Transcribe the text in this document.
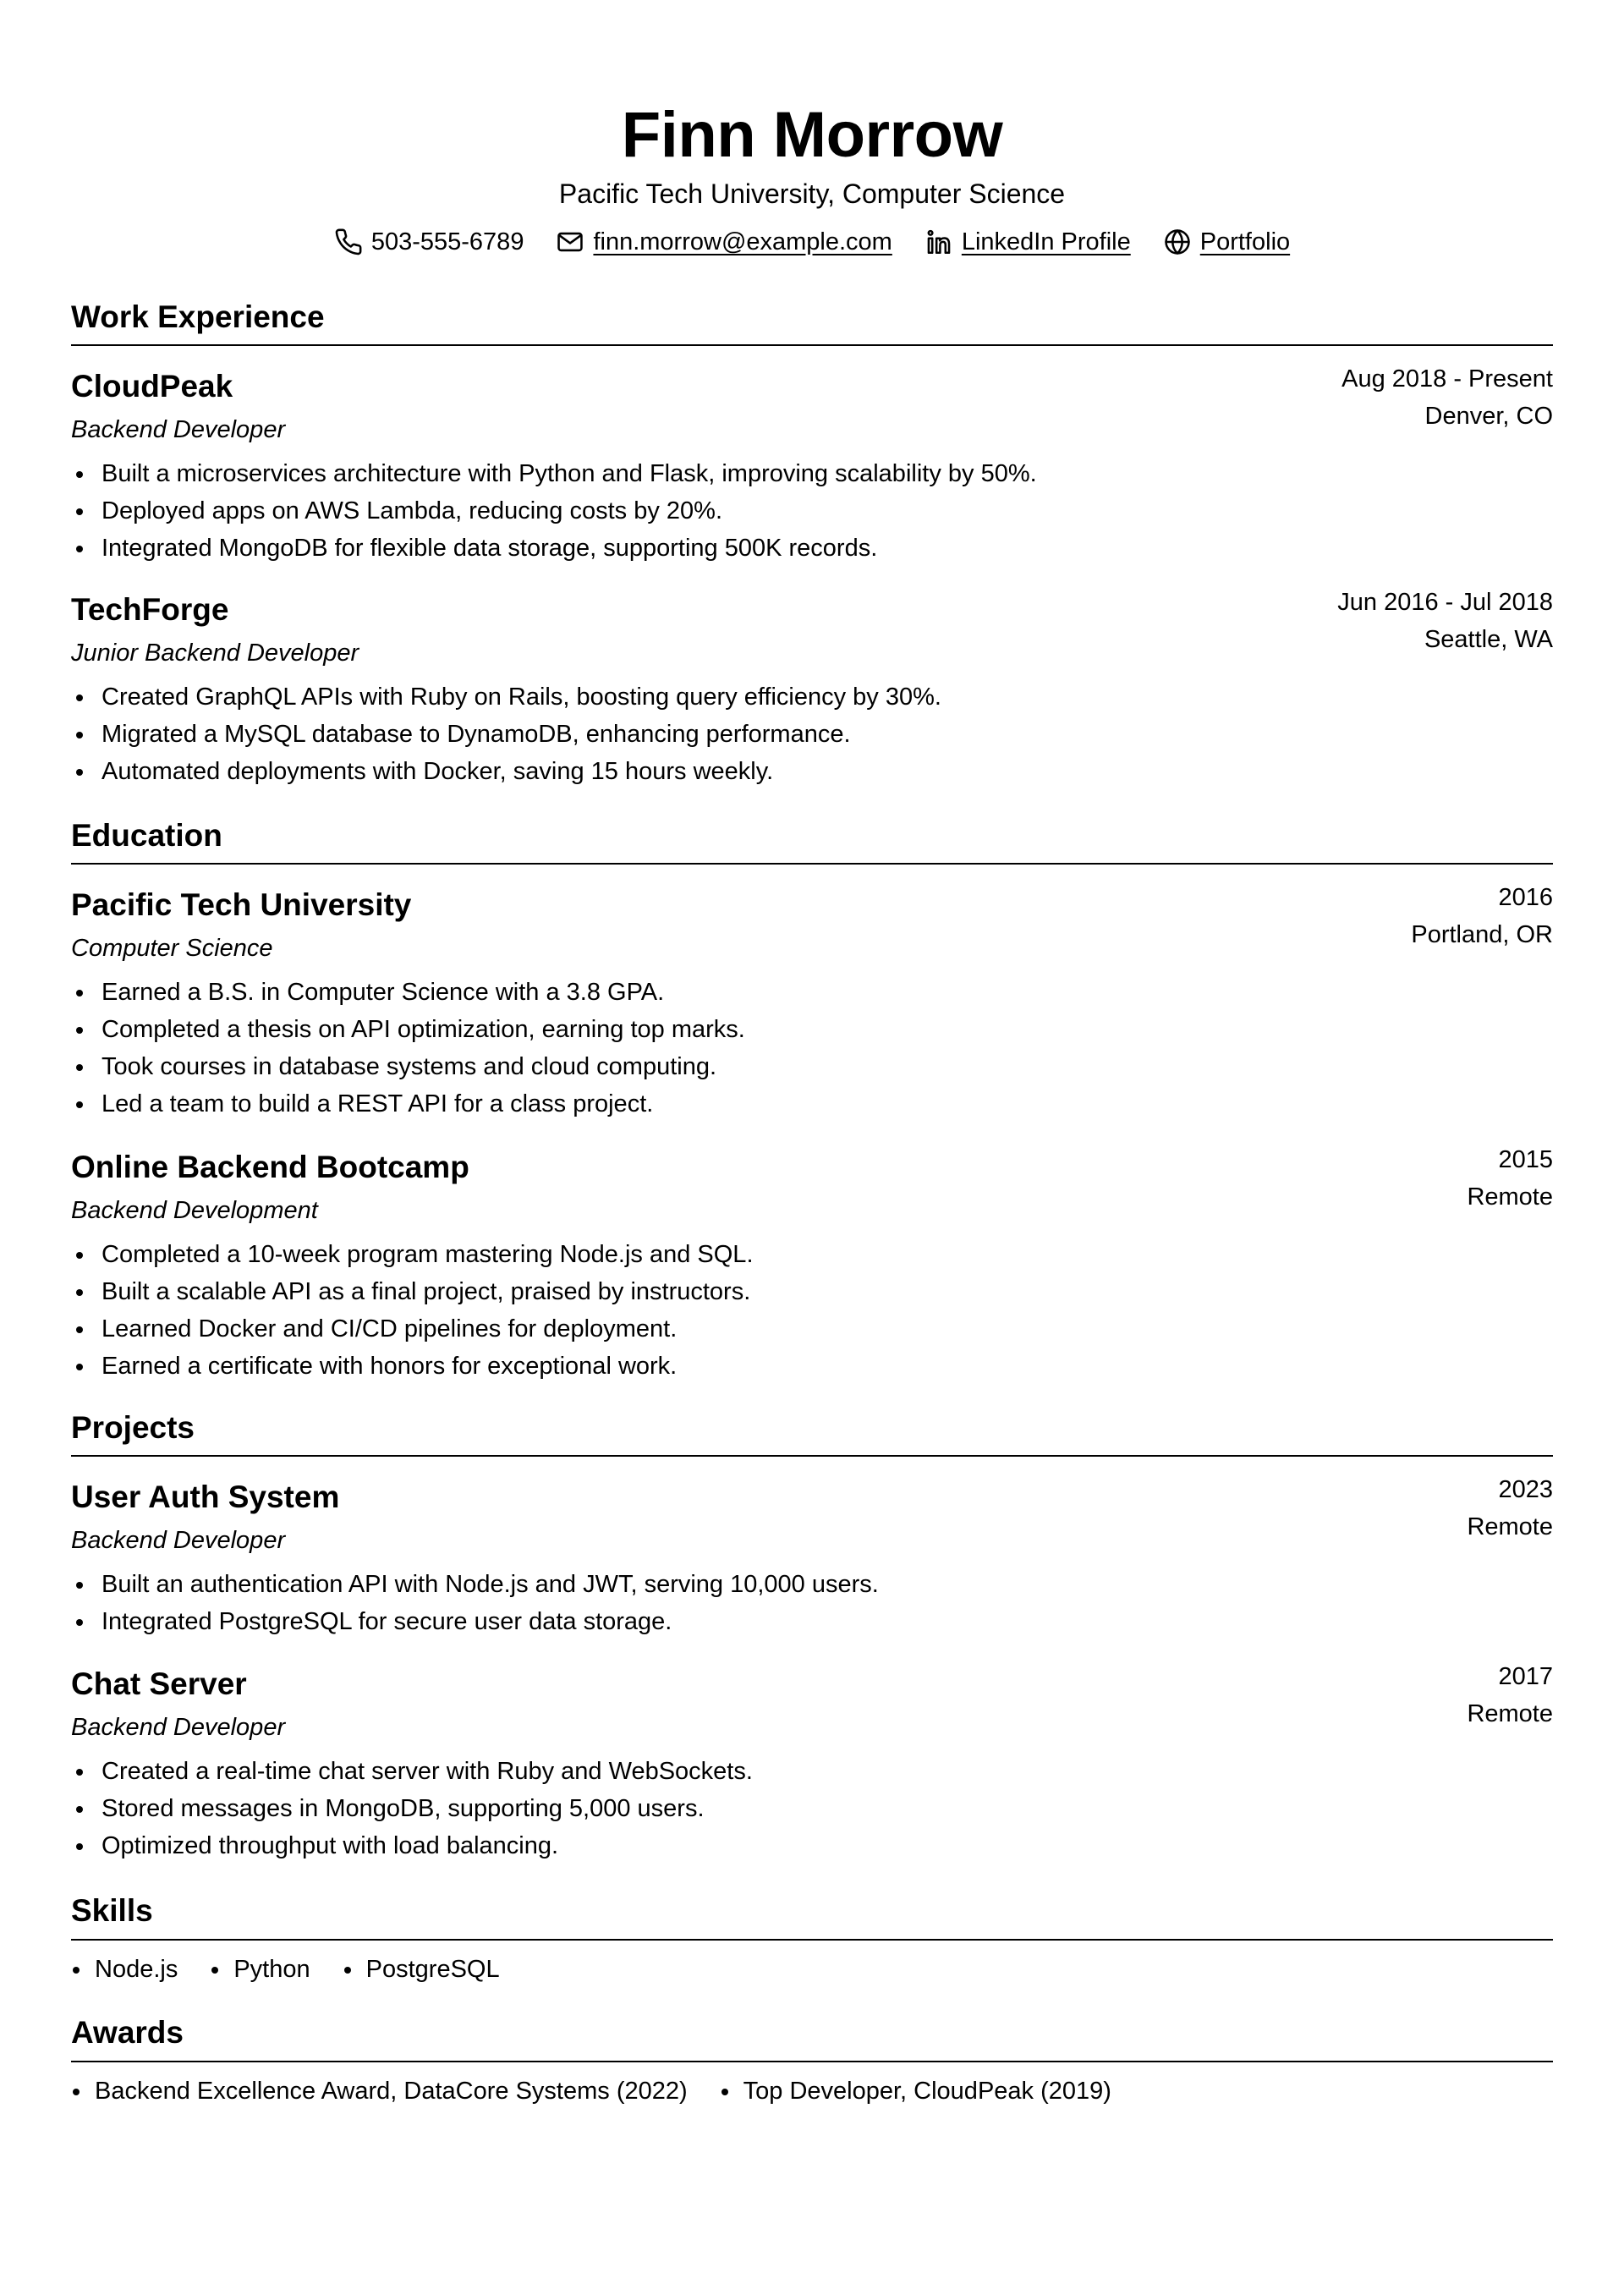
Finn Morrow
Pacific Tech University, Computer Science
503-555-6789	finn.morrow@example.com	LinkedIn Profile	Portfolio
Work Experience
CloudPeak
Backend Developer
Aug 2018 - Present
Denver, CO
Built a microservices architecture with Python and Flask, improving scalability by 50%.
Deployed apps on AWS Lambda, reducing costs by 20%.
Integrated MongoDB for flexible data storage, supporting 500K records.
TechForge
Junior Backend Developer
Jun 2016 - Jul 2018
Seattle, WA
Created GraphQL APIs with Ruby on Rails, boosting query efficiency by 30%.
Migrated a MySQL database to DynamoDB, enhancing performance.
Automated deployments with Docker, saving 15 hours weekly.
Education
Pacific Tech University
Computer Science
2016
Portland, OR
Earned a B.S. in Computer Science with a 3.8 GPA.
Completed a thesis on API optimization, earning top marks.
Took courses in database systems and cloud computing.
Led a team to build a REST API for a class project.
Online Backend Bootcamp
Backend Development
2015
Remote
Completed a 10-week program mastering Node.js and SQL.
Built a scalable API as a final project, praised by instructors.
Learned Docker and CI/CD pipelines for deployment.
Earned a certificate with honors for exceptional work.
Projects
User Auth System
Backend Developer
2023
Remote
Built an authentication API with Node.js and JWT, serving 10,000 users.
Integrated PostgreSQL for secure user data storage.
Chat Server
Backend Developer
2017
Remote
Created a real-time chat server with Ruby and WebSockets.
Stored messages in MongoDB, supporting 5,000 users.
Optimized throughput with load balancing.
Skills
Node.js	Python	PostgreSQL
Awards
Backend Excellence Award, DataCore Systems (2022)	Top Developer, CloudPeak (2019)
